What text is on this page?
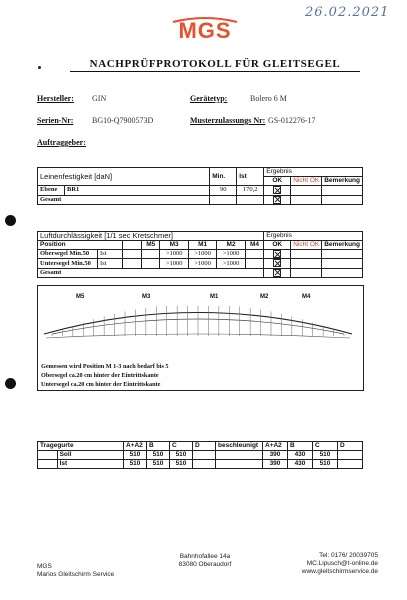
26.02.2021
MGS
NACHPRÜFPROTOKOLL FÜR GLEITSEGEL
Hersteller: GIN	Gerätetyp:	Bolero 6 M
Serien-Nr: BG10-Q7900573D	Musterzulassungs Nr: GS-012276-17
Auftraggeber:
Leinenfestigkeit [daN]		Min.	Ist	Ergebnis		
				OK	Nicht OK	Bemerkung
Ebene	BR1	90	170,2			
Gesamt						
Luftdurchlässigkeit [1/1 sec Kretschmer]								Ergebnis		
Position			M5	M3	M1	M2	M4	OK	Nicht OK	Bemerkung
Obersegel Min.50	Ist			>1000	>1000	>1000				
Untersegel Min.50	Ist			>1000	>1000	>1000				
Gesamt										
M5	M3	M1	M2	M4
Gemessen wird Position M 1-3 nach bedarf bis 5
Obersegel ca.20 cm hinter der Eintrittskante
Untersegel ca.20 cm hinter der Eintrittskante
Tragegurte		A+A2	B	C	D	beschleunigt	A+A2	B	C	D
	Soll	510	510	510			390	430	510	
	Ist	510	510	510			390	430	510	
MGS
Marios Gleitschirm Service
Bahnhofallee 14a
83080 Oberaudorf
Tel: 0176/ 20039705
MC.Lipusch@t-online.de
www.gleitschirmservice.de
